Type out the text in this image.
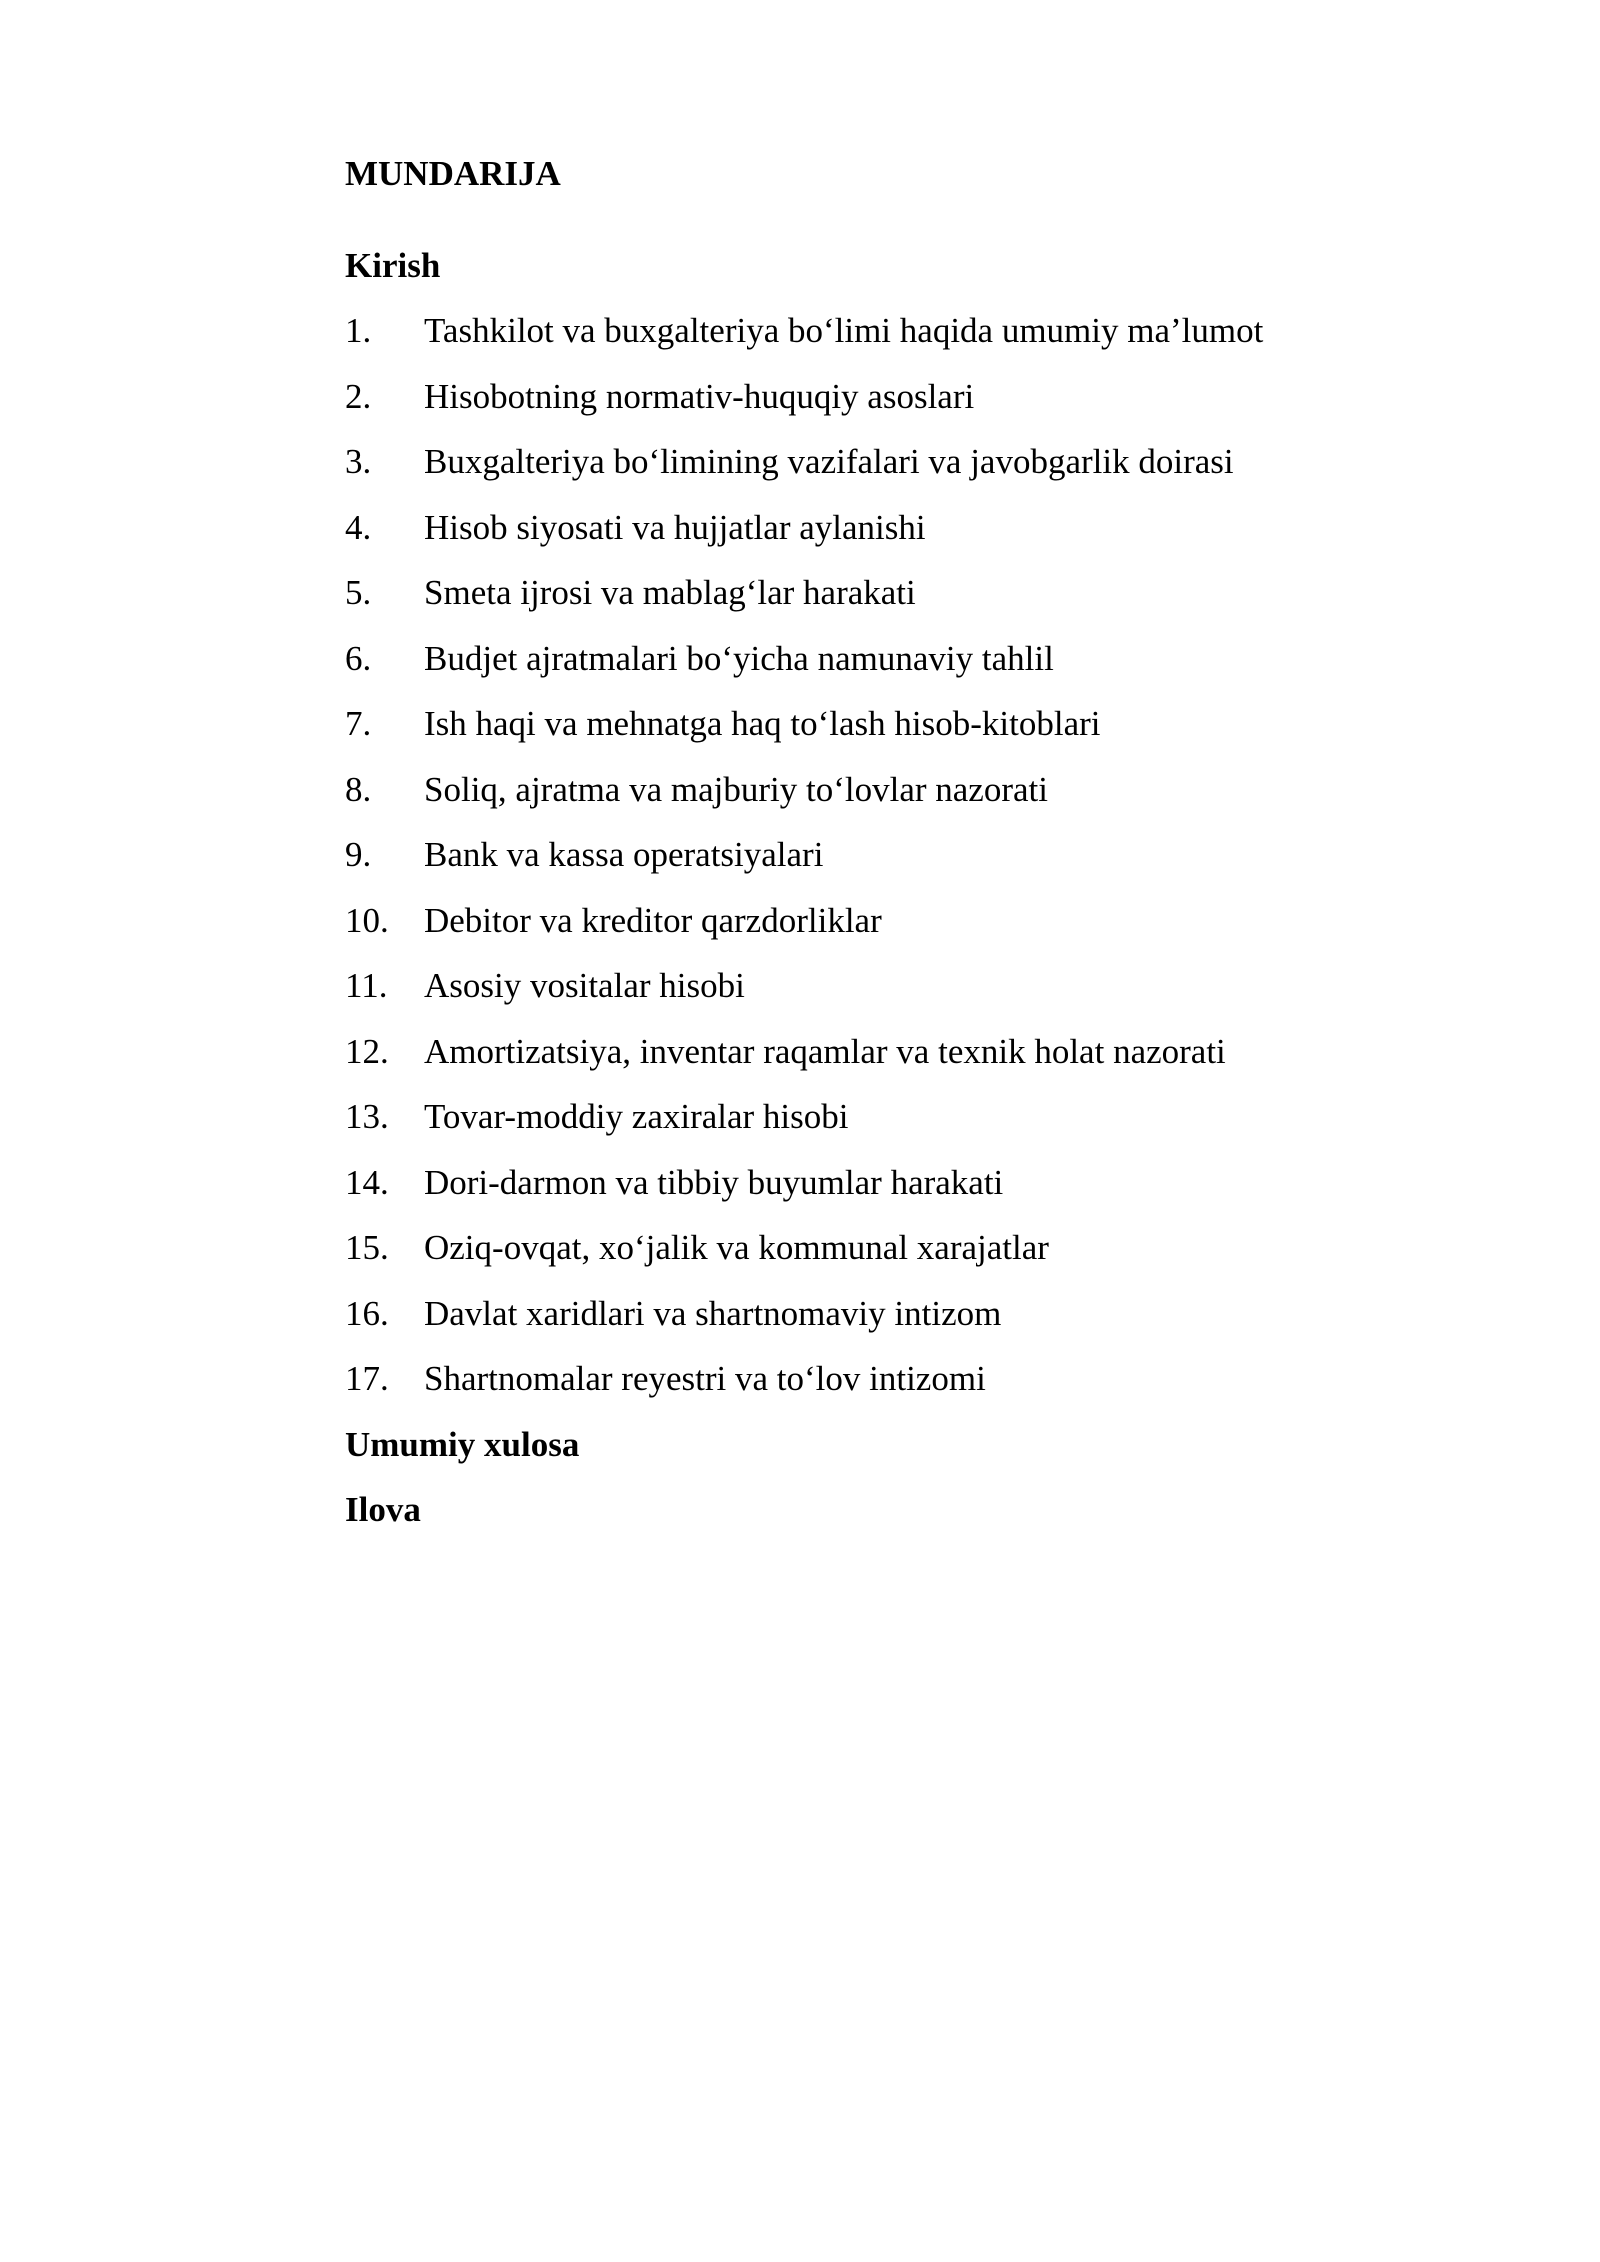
MUNDARIJA
Kirish
1.	Tashkilot va buxgalteriya bo‘limi haqida umumiy ma’lumot
2.	Hisobotning normativ-huquqiy asoslari
3.	Buxgalteriya bo‘limining vazifalari va javobgarlik doirasi
4.	Hisob siyosati va hujjatlar aylanishi
5.	Smeta ijrosi va mablag‘lar harakati
6.	Budjet ajratmalari bo‘yicha namunaviy tahlil
7.	Ish haqi va mehnatga haq to‘lash hisob-kitoblari
8.	Soliq, ajratma va majburiy to‘lovlar nazorati
9.	Bank va kassa operatsiyalari
10.	Debitor va kreditor qarzdorliklar
11.	Asosiy vositalar hisobi
12.	Amortizatsiya, inventar raqamlar va texnik holat nazorati
13.	Tovar-moddiy zaxiralar hisobi
14.	Dori-darmon va tibbiy buyumlar harakati
15.	Oziq-ovqat, xo‘jalik va kommunal xarajatlar
16.	Davlat xaridlari va shartnomaviy intizom
17.	Shartnomalar reyestri va to‘lov intizomi
Umumiy xulosa
Ilova
